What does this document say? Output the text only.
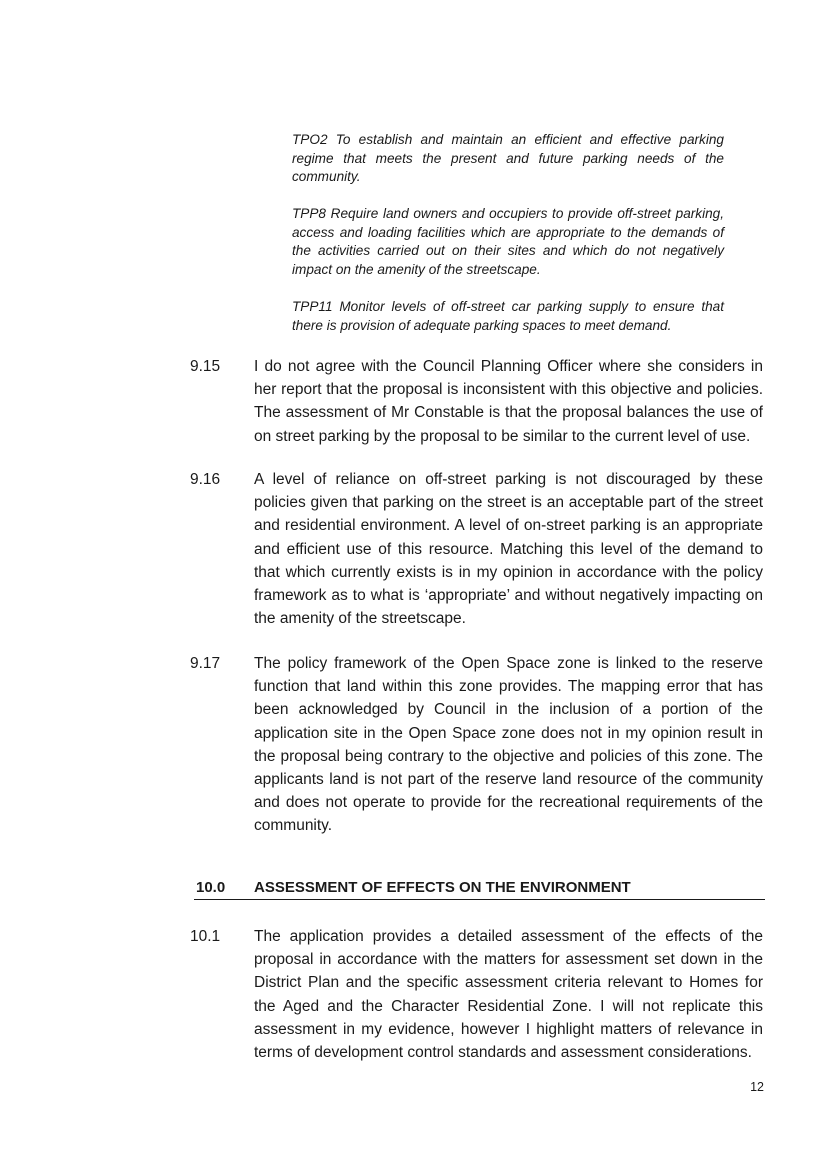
TPO2 To establish and maintain an efficient and effective parking regime that meets the present and future parking needs of the community.

TPP8 Require land owners and occupiers to provide off-street parking, access and loading facilities which are appropriate to the demands of the activities carried out on their sites and which do not negatively impact on the amenity of the streetscape.

TPP11 Monitor levels of off-street car parking supply to ensure that there is provision of adequate parking spaces to meet demand.

9.15 I do not agree with the Council Planning Officer where she considers in her report that the proposal is inconsistent with this objective and policies. The assessment of Mr Constable is that the proposal balances the use of on street parking by the proposal to be similar to the current level of use.

9.16 A level of reliance on off-street parking is not discouraged by these policies given that parking on the street is an acceptable part of the street and residential environment. A level of on-street parking is an appropriate and efficient use of this resource. Matching this level of the demand to that which currently exists is in my opinion in accordance with the policy framework as to what is ‘appropriate’ and without negatively impacting on the amenity of the streetscape.

9.17 The policy framework of the Open Space zone is linked to the reserve function that land within this zone provides. The mapping error that has been acknowledged by Council in the inclusion of a portion of the application site in the Open Space zone does not in my opinion result in the proposal being contrary to the objective and policies of this zone. The applicants land is not part of the reserve land resource of the community and does not operate to provide for the recreational requirements of the community.

10.0 ASSESSMENT OF EFFECTS ON THE ENVIRONMENT

10.1 The application provides a detailed assessment of the effects of the proposal in accordance with the matters for assessment set down in the District Plan and the specific assessment criteria relevant to Homes for the Aged and the Character Residential Zone. I will not replicate this assessment in my evidence, however I highlight matters of relevance in terms of development control standards and assessment considerations.

12
